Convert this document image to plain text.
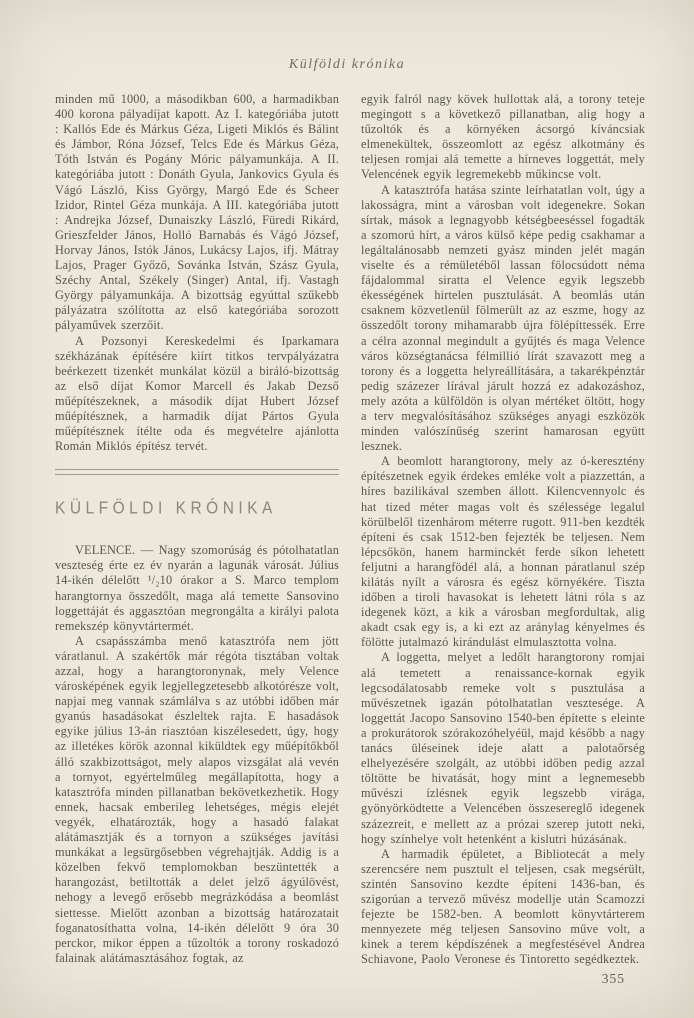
Külföldi krónika

minden mű 1000, a másodikban 600, a harmadikban 400 korona pályadíjat kapott. Az I. kategóriába jutott : Kallós Ede és Márkus Géza, Ligeti Miklós és Bálint és Jámbor, Róna József, Telcs Ede és Márkus Géza, Tóth István és Pogány Móric pályamunkája. A II. kategóriába jutott : Donáth Gyula, Jankovics Gyula és Vágó László, Kiss György, Margó Ede és Scheer Izidor, Rintel Géza munkája. A III. kategóriába jutott : Andrejka József, Dunaiszky László, Füredi Rikárd, Grieszfelder János, Holló Barnabás és Vágó József, Horvay János, Istók János, Lukácsy Lajos, ifj. Mátray Lajos, Prager Győző, Sovánka István, Szász Gyula, Széchy Antal, Székely (Singer) Antal, ifj. Vastagh György pályamunkája. A bizottság egyúttal szűkebb pályázatra szólította az első kategóriába sorozott pályaművek szerzőit.

A Pozsonyi Kereskedelmi és Iparkamara székházának építésére kiírt titkos tervpályázatra beérkezett tizenkét munkálat közül a biráló-bizottság az első díjat Komor Marcell és Jakab Dezső műépítészeknek, a második díjat Hubert József műépítésznek, a harmadik díjat Pártos Gyula műépítésznek ítélte oda és megvételre ajánlotta Román Miklós építész tervét.

KÜLFÖLDI KRÓNIKA

VELENCE. — Nagy szomorúság és pótolhatatlan veszteség érte ez év nyarán a lagunák városát. Július 14-ikén délelőtt ¹/₂10 órakor a S. Marco templom harangtornya összedőlt, maga alá temette Sansovino loggettáját és aggasztóan megrongálta a királyi palota remekszép könyvtártermét.

A csapásszámba menő katasztrófa nem jött váratlanul. A szakértők már régóta tisztában voltak azzal, hogy a harangtoronynak, mely Velence városképének egyik legjellegzetesebb alkotórésze volt, napjai meg vannak számlálva s az utóbbi időben már gyanús hasadásokat észleltek rajta. E hasadások egyike július 13-án riasztóan kiszélesedett, úgy, hogy az illetékes körök azonnal kiküldtek egy műépítőkből álló szakbizottságot, mely alapos vizsgálat alá vevén a tornyot, egyértelműleg megállapította, hogy a katasztrófa minden pillanatban bekövetkezhetik. Hogy ennek, hacsak emberileg lehetséges, mégis elejét vegyék, elhatározták, hogy a hasadó falakat alátámasztják és a tornyon a szükséges javítási munkákat a legsürgősebben végrehajtják. Addig is a közelben fekvő templomokban beszüntették a harangozást, betiltották a delet jelző ágyúlövést, nehogy a levegő erősebb megrázkódása a beomlást siettesse. Mielőtt azonban a bizottság határozatait foganatosíthatta volna, 14-ikén délelőtt 9 óra 30 perckor, mikor éppen a tűzoltók a torony roskadozó falainak alátámasztásához fogtak, az

egyik falról nagy kövek hullottak alá, a torony teteje megingott s a következő pillanatban, alig hogy a tűzoltók és a környéken ácsorgó kíváncsiak elmenekültek, összeomlott az egész alkotmány és teljesen romjai alá temette a hírneves loggettát, mely Velencének egyik legremekebb műkincse volt.

A katasztrófa hatása szinte leírhatatlan volt, úgy a lakosságra, mint a városban volt idegenekre. Sokan sírtak, mások a legnagyobb kétségbeeséssel fogadták a szomorú hírt, a város külső képe pedig csakhamar a legáltalánosabb nemzeti gyász minden jelét magán viselte és a rémületéből lassan fölocsúdott néma fájdalommal siratta el Velence egyik legszebb ékességének hirtelen pusztulását. A beomlás után csaknem közvetlenül fölmerült az az eszme, hogy az összedőlt torony mihamarabb újra fölépíttessék. Erre a célra azonnal megindult a gyűjtés és maga Velence város községtanácsa félmillió lírát szavazott meg a torony és a loggetta helyreállítására, a takarékpénztár pedig százezer lírával járult hozzá ez adakozáshoz, mely azóta a külföldön is olyan mértéket öltött, hogy a terv megvalósításához szükséges anyagi eszközök minden valószínűség szerint hamarosan együtt lesznek.

A beomlott harangtorony, mely az ó-keresztény építészetnek egyik érdekes emléke volt a piazzettán, a híres bazilikával szemben állott. Kilencvennyolc és hat tized méter magas volt és szélessége legalul körülbelől tizenhárom méterre rugott. 911-ben kezdték építeni és csak 1512-ben fejezték be teljesen. Nem lépcsőkön, hanem harminckét ferde síkon lehetett feljutni a harangfödél alá, a honnan páratlanul szép kilátás nyílt a városra és egész környékére. Tiszta időben a tiroli havasokat is lehetett látni róla s az idegenek közt, a kik a városban megfordultak, alig akadt csak egy is, a ki ezt az aránylag kényelmes és fölötte jutalmazó kirándulást elmulasztotta volna.

A loggetta, melyet a ledőlt harangtorony romjai alá temetett a renaissance-kornak egyik legcsodálatosabb remeke volt s pusztulása a művészetnek igazán pótolhatatlan vesztesége. A loggettát Jacopo Sansovino 1540-ben építette s eleinte a prokurátorok szórakozóhelyéül, majd később a nagy tanács üléseinek ideje alatt a palotaőrség elhelyezésére szolgált, az utóbbi időben pedig azzal töltötte be hivatását, hogy mint a legnemesebb művészi ízlésnek egyik legszebb virága, gyönyörködtette a Velencében összesereglő idegenek százezreit, e mellett az a prózai szerep jutott neki, hogy színhelye volt hetenként a kislutri húzásának.

A harmadik épületet, a Bibliotecát a mely szerencsére nem pusztult el teljesen, csak megsérült, szintén Sansovino kezdte építeni 1436-ban, és szigorúan a tervező művész modellje után Scamozzi fejezte be 1582-ben. A beomlott könyvtárterem mennyezete még teljesen Sansovino műve volt, a kinek a terem képdíszének a megfestésével Andrea Schiavone, Paolo Veronese és Tintoretto segédkeztek.

355
